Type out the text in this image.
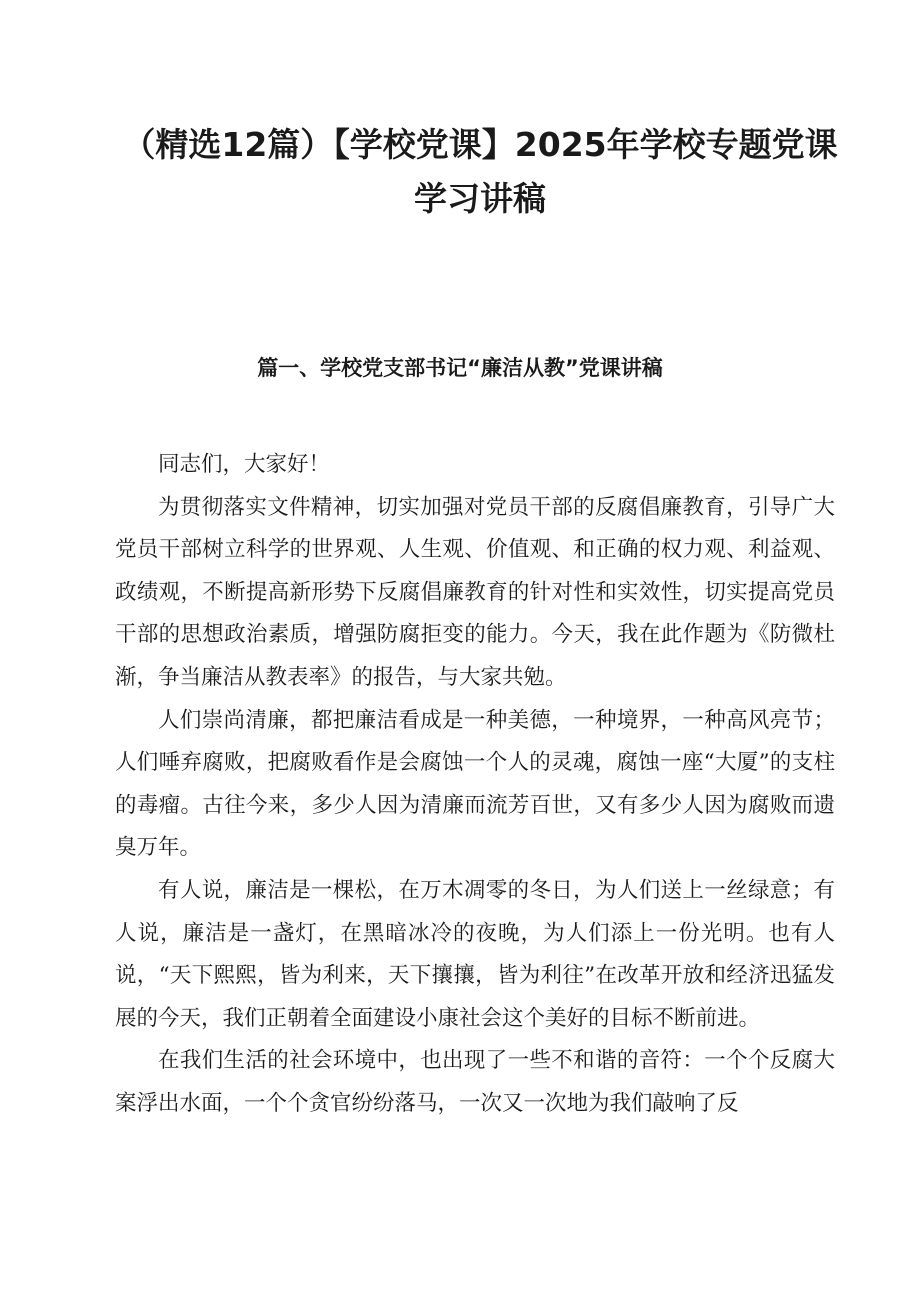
（精选12篇）【学校党课】2025年学校专题党课
学习讲稿
篇一、学校党支部书记“廉洁从教”党课讲稿

同志们，大家好！

为贯彻落实文件精神，切实加强对党员干部的反腐倡廉教育，引导广大党员干部树立科学的世界观、人生观、价值观、和正确的权力观、利益观、政绩观，不断提高新形势下反腐倡廉教育的针对性和实效性，切实提高党员干部的思想政治素质，增强防腐拒变的能力。今天，我在此作题为《防微杜渐，争当廉洁从教表率》的报告，与大家共勉。

人们崇尚清廉，都把廉洁看成是一种美德，一种境界，一种高风亮节；人们唾弃腐败，把腐败看作是会腐蚀一个人的灵魂，腐蚀一座“大厦”的支柱的毒瘤。古往今来，多少人因为清廉而流芳百世，又有多少人因为腐败而遗臭万年。

有人说，廉洁是一棵松，在万木凋零的冬日，为人们送上一丝绿意；有人说，廉洁是一盏灯，在黑暗冰冷的夜晚，为人们添上一份光明。也有人说，“天下熙熙，皆为利来，天下攘攘，皆为利往”在改革开放和经济迅猛发展的今天，我们正朝着全面建设小康社会这个美好的目标不断前进。

在我们生活的社会环境中，也出现了一些不和谐的音符：一个个反腐大案浮出水面，一个个贪官纷纷落马，一次又一次地为我们敲响了反
